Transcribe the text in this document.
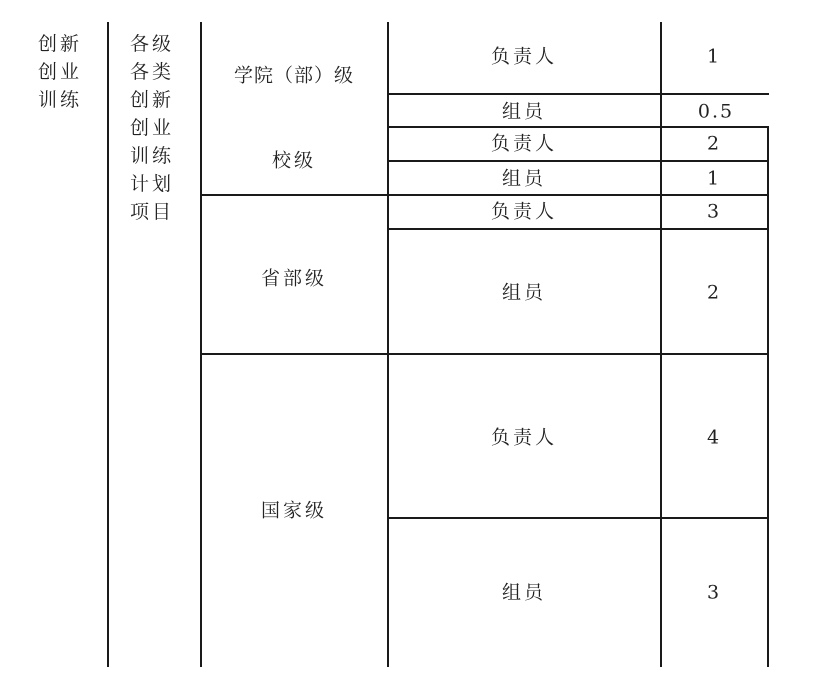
创新
创业
训练
各级
各类
创新
创业
训练
计划
项目
学院（部）级
校级
省部级
国家级
负责人
组员
负责人
组员
负责人
组员
负责人
组员
1
0.5
2
1
3
2
4
3
